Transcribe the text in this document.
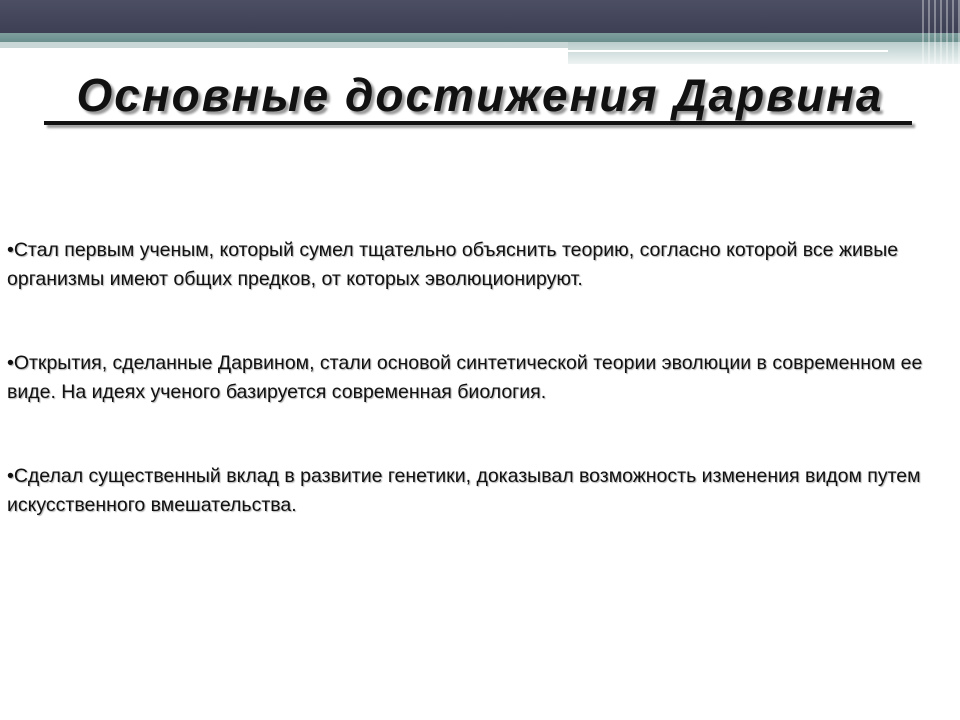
Основные достижения Дарвина

•Стал первым ученым, который сумел тщательно объяснить теорию, согласно которой все живые организмы имеют общих предков, от которых эволюционируют.

•Открытия, сделанные Дарвином, стали основой синтетической теории эволюции в современном ее виде. На идеях ученого базируется современная биология.

•Сделал существенный вклад в развитие генетики, доказывал возможность изменения видом путем искусственного вмешательства.
